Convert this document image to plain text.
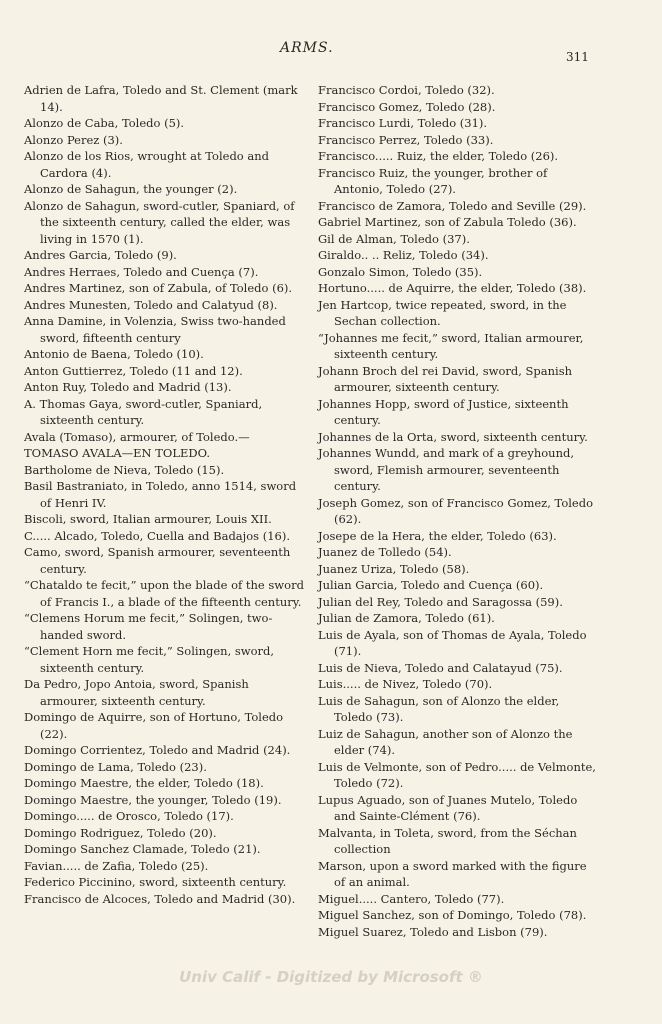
ARMS.
311

Adrien de Lafra, Toledo and St. Clement (mark 14).

Alonzo de Caba, Toledo (5).

Alonzo Perez (3).

Alonzo de los Rios, wrought at Toledo and Cardora (4).

Alonzo de Sahagun, the younger (2).

Alonzo de Sahagun, sword-cutler, Spaniard, of the sixteenth century, called the elder, was living in 1570 (1).

Andres Garcia, Toledo (9).

Andres Herraes, Toledo and Cuença (7).

Andres Martinez, son of Zabula, of Toledo (6).

Andres Munesten, Toledo and Calatyud (8).

Anna Damine, in Volenzia, Swiss two-handed sword, fifteenth century

Antonio de Baena, Toledo (10).

Anton Guttierrez, Toledo (11 and 12).

Anton Ruy, Toledo and Madrid (13).

A. Thomas Gaya, sword-cutler, Spaniard, sixteenth century.

Avala (Tomaso), armourer, of Toledo.—

TOMASO AVALA—EN TOLEDO.

Bartholome de Nieva, Toledo (15).

Basil Bastraniato, in Toledo, anno 1514, sword of Henri IV.

Biscoli, sword, Italian armourer, Louis XII.

C..... Alcado, Toledo, Cuella and Badajos (16).

Camo, sword, Spanish armourer, seventeenth century.

“Chataldo te fecit,” upon the blade of the sword of Francis I., a blade of the fifteenth century.

“Clemens Horum me fecit,” Solingen, two-handed sword.

“Clement Horn me fecit,” Solingen, sword, sixteenth century.

Da Pedro, Jopo Antoia, sword, Spanish armourer, sixteenth century.

Domingo de Aquirre, son of Hortuno, Toledo (22).

Domingo Corrientez, Toledo and Madrid (24).

Domingo de Lama, Toledo (23).

Domingo Maestre, the elder, Toledo (18).

Domingo Maestre, the younger, Toledo (19).

Domingo..... de Orosco, Toledo (17).

Domingo Rodriguez, Toledo (20).

Domingo Sanchez Clamade, Toledo (21).

Favian..... de Zafia, Toledo (25).

Federico Piccinino, sword, sixteenth century.

Francisco de Alcoces, Toledo and Madrid (30).

Francisco Cordoi, Toledo (32).

Francisco Gomez, Toledo (28).

Francisco Lurdi, Toledo (31).

Francisco Perrez, Toledo (33).

Francisco..... Ruiz, the elder, Toledo (26).

Francisco Ruiz, the younger, brother of Antonio, Toledo (27).

Francisco de Zamora, Toledo and Seville (29).

Gabriel Martinez, son of Zabula Toledo (36).

Gil de Alman, Toledo (37).

Giraldo.. .. Reliz, Toledo (34).

Gonzalo Simon, Toledo (35).

Hortuno..... de Aquirre, the elder, Toledo (38).

Jen Hartcop, twice repeated, sword, in the Sechan collection.

“Johannes me fecit,” sword, Italian armourer, sixteenth century.

Johann Broch del rei David, sword, Spanish armourer, sixteenth century.

Johannes Hopp, sword of Justice, sixteenth century.

Johannes de la Orta, sword, sixteenth century.

Johannes Wundd, and mark of a greyhound, sword, Flemish armourer, seventeenth century.

Joseph Gomez, son of Francisco Gomez, Toledo (62).

Josepe de la Hera, the elder, Toledo (63).

Juanez de Tolledo (54).

Juanez Uriza, Toledo (58).

Julian Garcia, Toledo and Cuença (60).

Julian del Rey, Toledo and Saragossa (59).

Julian de Zamora, Toledo (61).

Luis de Ayala, son of Thomas de Ayala, Toledo (71).

Luis de Nieva, Toledo and Calatayud (75).

Luis..... de Nivez, Toledo (70).

Luis de Sahagun, son of Alonzo the elder, Toledo (73).

Luiz de Sahagun, another son of Alonzo the elder (74).

Luis de Velmonte, son of Pedro..... de Velmonte, Toledo (72).

Lupus Aguado, son of Juanes Mutelo, Toledo and Sainte-Clément (76).

Malvanta, in Toleta, sword, from the Séchan collection

Marson, upon a sword marked with the figure of an animal.

Miguel..... Cantero, Toledo (77).

Miguel Sanchez, son of Domingo, Toledo (78).

Miguel Suarez, Toledo and Lisbon (79).

Univ Calif - Digitized by Microsoft ®
